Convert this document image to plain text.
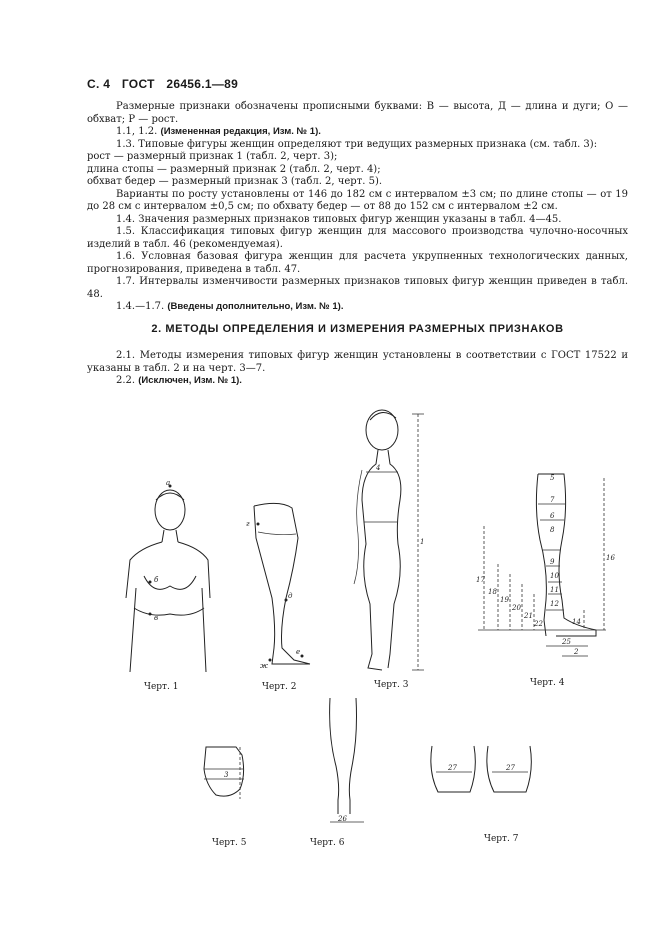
С. 4 ГОСТ 26456.1—89

Размерные признаки обозначены прописными буквами: В — высота, Д — длина и дуги; О — обхват; Р — рост.

1.1, 1.2. (Измененная редакция, Изм. № 1).

1.3. Типовые фигуры женщин определяют три ведущих размерных признака (см. табл. 3):

рост — размерный признак 1 (табл. 2, черт. 3);

длина стопы — размерный признак 2 (табл. 2, черт. 4);

обхват бедер — размерный признак 3 (табл. 2, черт. 5).

Варианты по росту установлены от 146 до 182 см с интервалом ±3 см; по длине стопы — от 19 до 28 см с интервалом ±0,5 см; по обхвату бедер — от 88 до 152 см с интервалом ±2 см.

1.4. Значения размерных признаков типовых фигур женщин указаны в табл. 4—45.

1.5. Классификация типовых фигур женщин для массового производства чулочно-носочных изделий в табл. 46 (рекомендуемая).

1.6. Условная базовая фигура женщин для расчета укрупненных технологических данных, прогнозирования, приведена в табл. 47.

1.7. Интервалы изменчивости размерных признаков типовых фигур женщин приведен в табл. 48.

1.4.—1.7. (Введены дополнительно, Изм. № 1).

2. МЕТОДЫ ОПРЕДЕЛЕНИЯ И ИЗМЕРЕНИЯ РАЗМЕРНЫХ ПРИЗНАКОВ

2.1. Методы измерения типовых фигур женщин установлены в соответствии с ГОСТ 17522 и указаны в табл. 2 и на черт. 3—7.

2.2. (Исключен, Изм. № 1).

а
б
в
Черт. 1
г
д
е
ж
Черт. 2
4
1
Черт. 3
5
7
6
8
9
10
11
12
16
17
18
19
20
21
22	14
25
2
Черт. 4
3
Черт. 5
26
Черт. 6
27	27
Черт. 7
